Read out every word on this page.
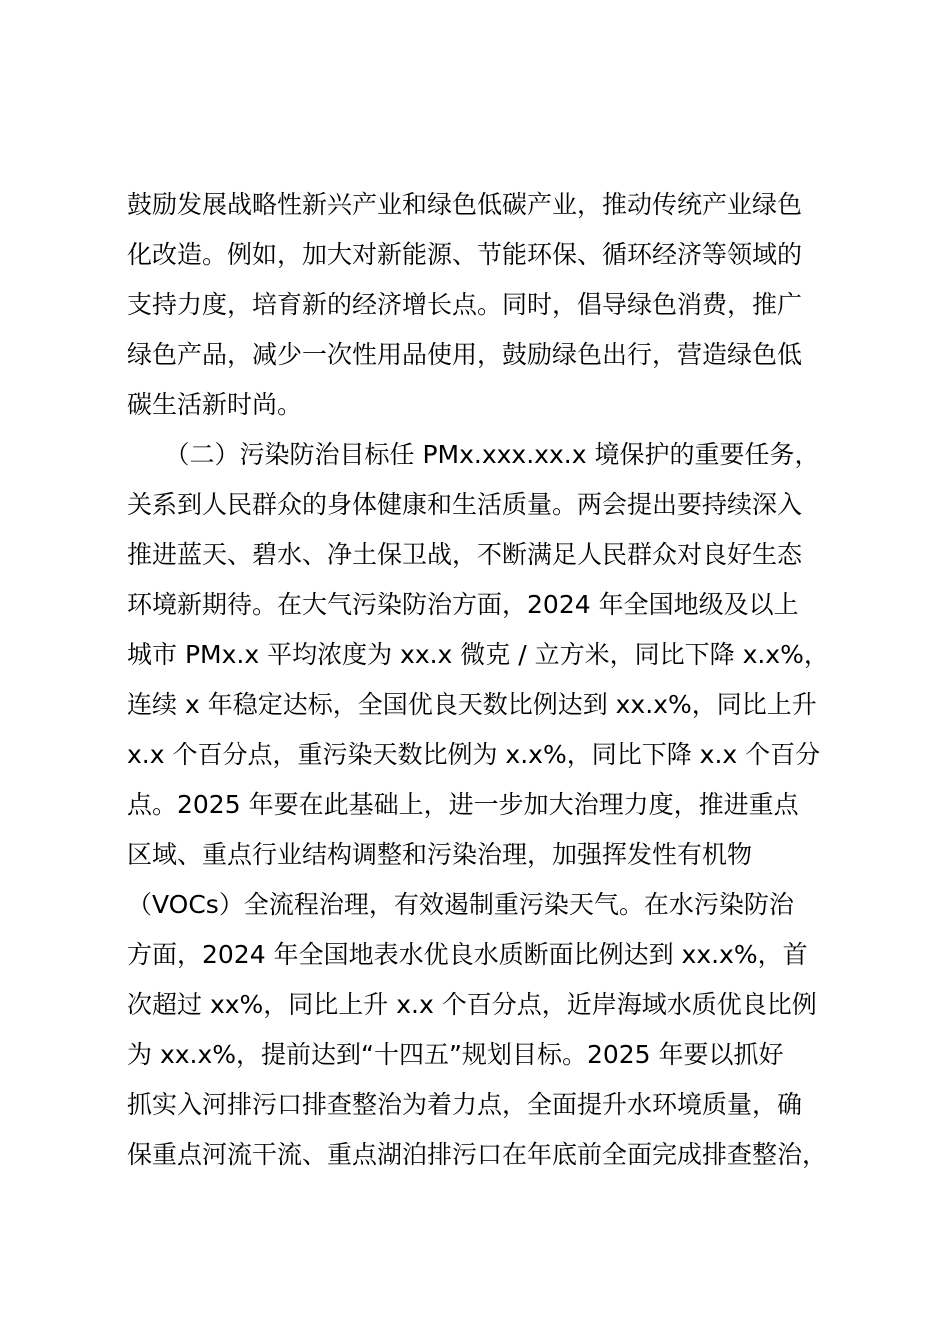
鼓励发展战略性新兴产业和绿色低碳产业，推动传统产业绿色
化改造。例如，加大对新能源、节能环保、循环经济等领域的
支持力度，培育新的经济增长点。同时，倡导绿色消费，推广
绿色产品，减少一次性用品使用，鼓励绿色出行，营造绿色低
碳生活新时尚。
　　（二）污染防治目标任 PMx.xxx.xx.x 境保护的重要任务，
关系到人民群众的身体健康和生活质量。两会提出要持续深入
推进蓝天、碧水、净土保卫战，不断满足人民群众对良好生态
环境新期待。在大气污染防治方面，2024 年全国地级及以上
城市 PMx.x 平均浓度为 xx.x 微克 / 立方米，同比下降 x.x%，
连续 x 年稳定达标，全国优良天数比例达到 xx.x%，同比上升
x.x 个百分点，重污染天数比例为 x.x%，同比下降 x.x 个百分
点。2025 年要在此基础上，进一步加大治理力度，推进重点
区域、重点行业结构调整和污染治理，加强挥发性有机物
（VOCs）全流程治理，有效遏制重污染天气。在水污染防治
方面，2024 年全国地表水优良水质断面比例达到 xx.x%，首
次超过 xx%，同比上升 x.x 个百分点，近岸海域水质优良比例
为 xx.x%，提前达到“十四五”规划目标。2025 年要以抓好
抓实入河排污口排查整治为着力点，全面提升水环境质量，确
保重点河流干流、重点湖泊排污口在年底前全面完成排查整治，
